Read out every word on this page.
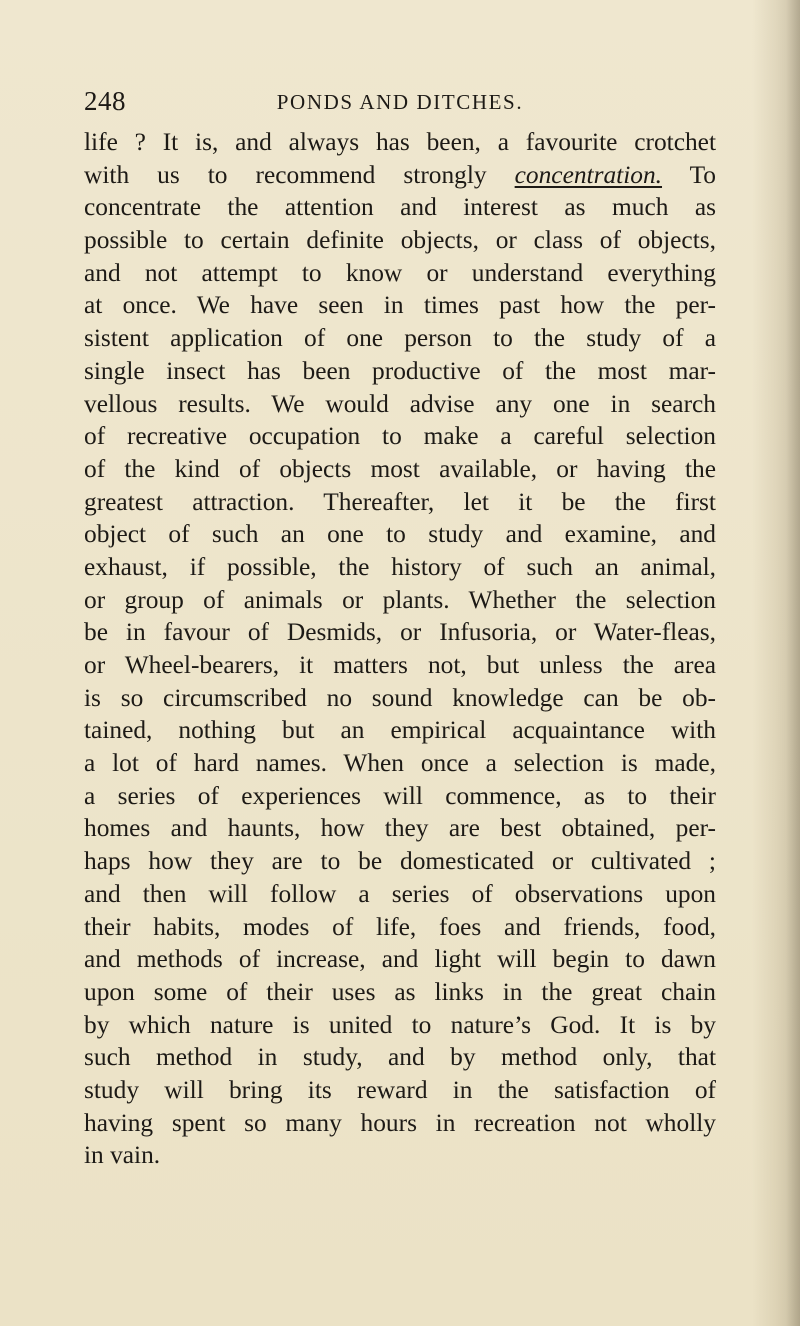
248	PONDS AND DITCHES.
life ? It is, and always has been, a favourite crotchet
with us to recommend strongly concentration. To
concentrate the attention and interest as much as
possible to certain definite objects, or class of objects,
and not attempt to know or understand everything
at once. We have seen in times past how the per-
sistent application of one person to the study of a
single insect has been productive of the most mar-
vellous results. We would advise any one in search
of recreative occupation to make a careful selection
of the kind of objects most available, or having the
greatest attraction. Thereafter, let it be the first
object of such an one to study and examine, and
exhaust, if possible, the history of such an animal,
or group of animals or plants. Whether the selection
be in favour of Desmids, or Infusoria, or Water-fleas,
or Wheel-bearers, it matters not, but unless the area
is so circumscribed no sound knowledge can be ob-
tained, nothing but an empirical acquaintance with
a lot of hard names. When once a selection is made,
a series of experiences will commence, as to their
homes and haunts, how they are best obtained, per-
haps how they are to be domesticated or cultivated ;
and then will follow a series of observations upon
their habits, modes of life, foes and friends, food,
and methods of increase, and light will begin to dawn
upon some of their uses as links in the great chain
by which nature is united to nature’s God. It is by
such method in study, and by method only, that
study will bring its reward in the satisfaction of
having spent so many hours in recreation not wholly
in vain.
